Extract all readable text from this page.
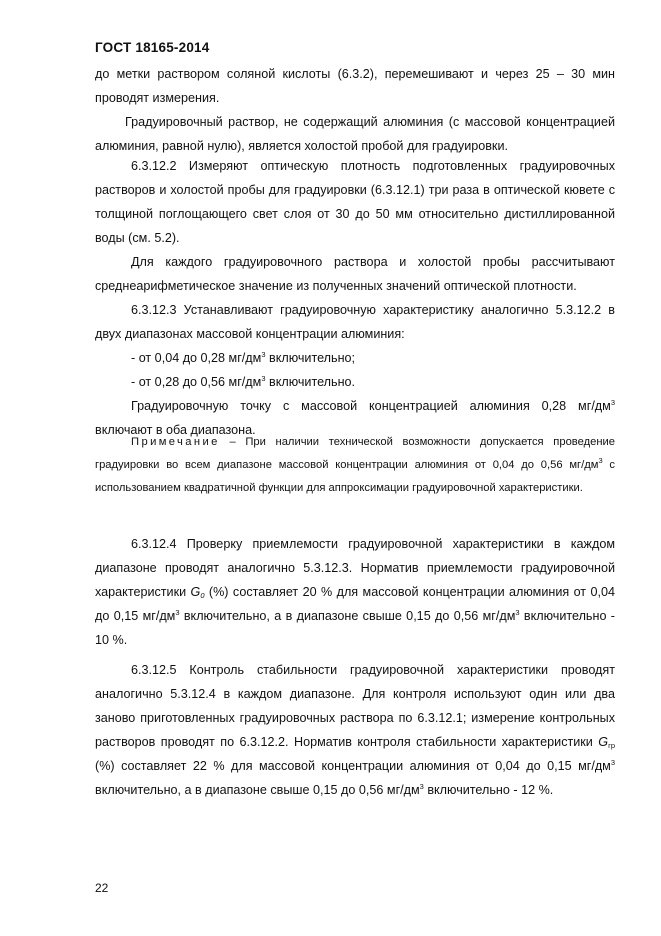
ГОСТ 18165-2014

до метки раствором соляной кислоты (6.3.2), перемешивают и через 25 – 30 мин проводят измерения.

Градуировочный раствор, не содержащий алюминия (с массовой концентрацией алюминия, равной нулю), является холостой пробой для градуировки.

6.3.12.2 Измеряют оптическую плотность подготовленных градуировочных растворов и холостой пробы для градуировки (6.3.12.1) три раза в оптической кювете с толщиной поглощающего свет слоя от 30 до 50 мм относительно дистиллированной воды (см. 5.2).

Для каждого градуировочного раствора и холостой пробы рассчитывают среднеарифметическое значение из полученных значений оптической плотности.

6.3.12.3 Устанавливают градуировочную характеристику аналогично 5.3.12.2 в двух диапазонах массовой концентрации алюминия:

- от 0,04 до 0,28 $мг/дм^3$ включительно;

- от 0,28 до 0,56 $мг/дм^3$ включительно.

Градуировочную точку с массовой концентрацией алюминия 0,28 $мг/дм^3$ включают в оба диапазона.

Примечание – При наличии технической возможности допускается проведение градуировки во всем диапазоне массовой концентрации алюминия от 0,04 до 0,56 $мг/дм^3$ с использованием квадратичной функции для аппроксимации градуировочной характеристики.

6.3.12.4 Проверку приемлемости градуировочной характеристики в каждом диапазоне проводят аналогично 5.3.12.3. Норматив приемлемости градуировочной характеристики $G_0$ (%) составляет 20 % для массовой концентрации алюминия от 0,04 до 0,15 $мг/дм^3$ включительно, а в диапазоне свыше 0,15 до 0,56 $мг/дм^3$ включительно - 10 %.

6.3.12.5 Контроль стабильности градуировочной характеристики проводят аналогично 5.3.12.4 в каждом диапазоне. Для контроля используют один или два заново приготовленных градуировочных раствора по 6.3.12.1; измерение контрольных растворов проводят по 6.3.12.2. Норматив контроля стабильности характеристики $G_{гр}$ (%) составляет 22 % для массовой концентрации алюминия от 0,04 до 0,15 $мг/дм^3$ включительно, а в диапазоне свыше 0,15 до 0,56 $мг/дм^3$ включительно - 12 %.

22
